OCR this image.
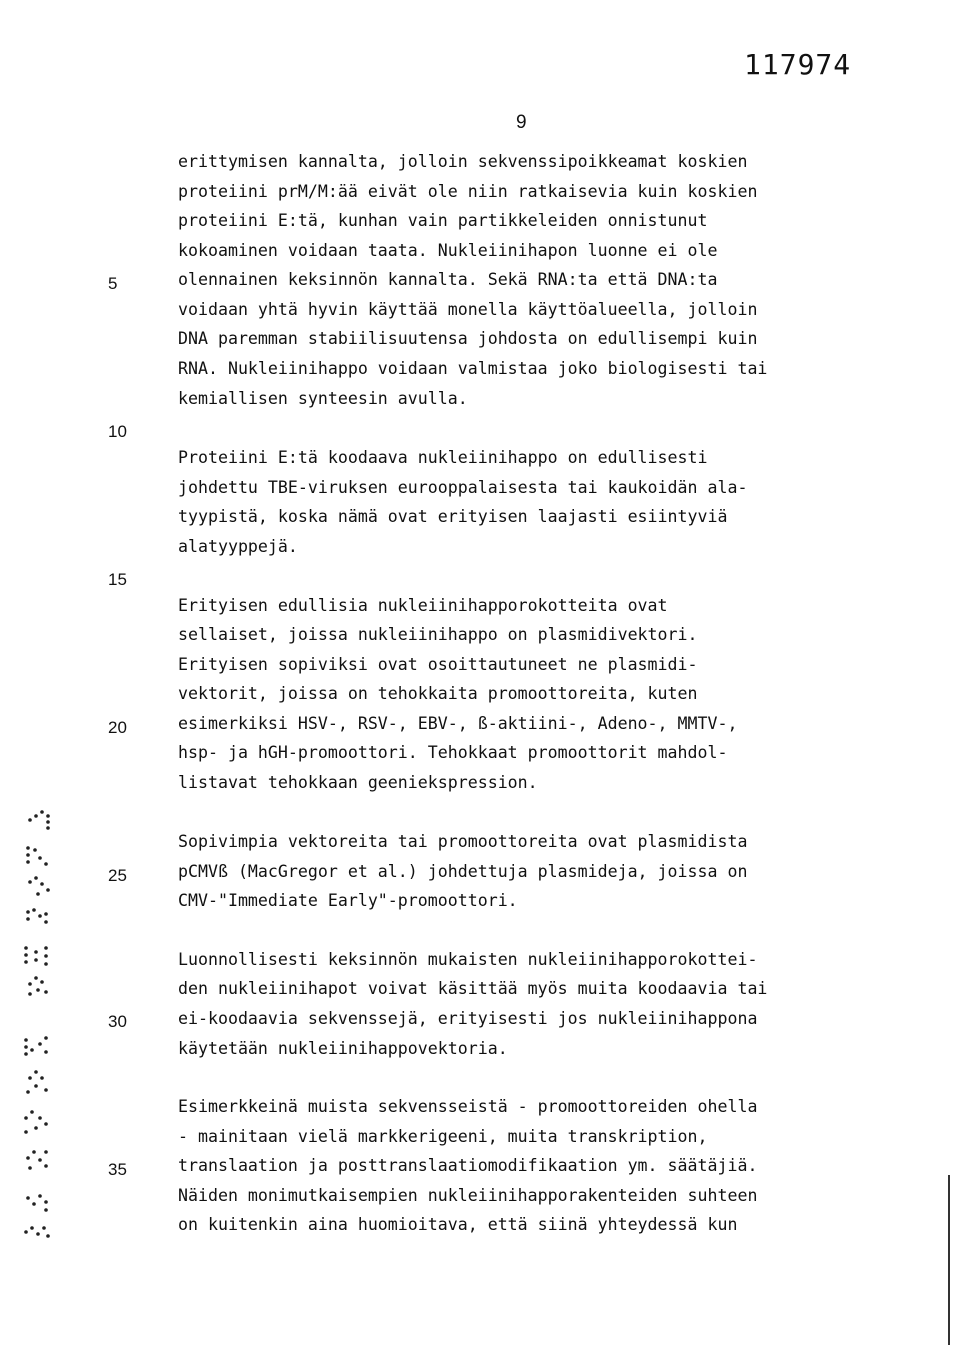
117974
9
5
10
15
20
25
30
35
erittymisen kannalta, jolloin sekvenssipoikkeamat koskien
proteiini prM/M:ää eivät ole niin ratkaisevia kuin koskien
proteiini E:tä, kunhan vain partikkeleiden onnistunut
kokoaminen voidaan taata. Nukleiinihapon luonne ei ole
olennainen keksinnön kannalta. Sekä RNA:ta että DNA:ta
voidaan yhtä hyvin käyttää monella käyttöalueella, jolloin
DNA paremman stabiilisuutensa johdosta on edullisempi kuin
RNA. Nukleiinihappo voidaan valmistaa joko biologisesti tai
kemiallisen synteesin avulla.
Proteiini E:tä koodaava nukleiinihappo on edullisesti
johdettu TBE-viruksen eurooppalaisesta tai kaukoidän ala-
tyypistä, koska nämä ovat erityisen laajasti esiintyviä
alatyyppejä.
Erityisen edullisia nukleiinihapporokotteita ovat
sellaiset, joissa nukleiinihappo on plasmidivektori.
Erityisen sopiviksi ovat osoittautuneet ne plasmidi-
vektorit, joissa on tehokkaita promoottoreita, kuten
esimerkiksi HSV-, RSV-, EBV-, ß-aktiini-, Adeno-, MMTV-,
hsp- ja hGH-promoottori. Tehokkaat promoottorit mahdol-
listavat tehokkaan geeniekspression.
Sopivimpia vektoreita tai promoottoreita ovat plasmidista
pCMVß (MacGregor et al.) johdettuja plasmideja, joissa on
CMV-"Immediate Early"-promoottori.
Luonnollisesti keksinnön mukaisten nukleiinihapporokottei-
den nukleiinihapot voivat käsittää myös muita koodaavia tai
ei-koodaavia sekvenssejä, erityisesti jos nukleiinihappona
käytetään nukleiinihappovektoria.
Esimerkkeinä muista sekvensseistä - promoottoreiden ohella
- mainitaan vielä markkerigeeni, muita transkription,
translaation ja posttranslaatiomodifikaation ym. säätäjiä.
Näiden monimutkaisempien nukleiinihapporakenteiden suhteen
on kuitenkin aina huomioitava, että siinä yhteydessä kun
